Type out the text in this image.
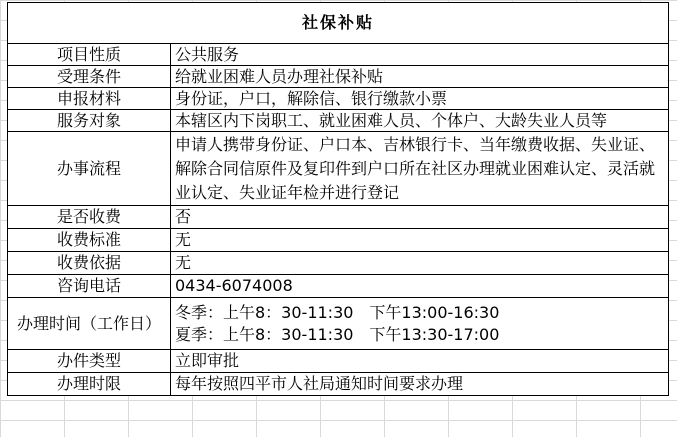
社保补贴	
项目性质	公共服务
受理条件	给就业困难人员办理社保补贴
申报材料	身份证，户口，解除信、银行缴款小票
服务对象	本辖区内下岗职工、就业困难人员、个体户、大龄失业人员等
办事流程	申请人携带身份证、户口本、吉林银行卡、当年缴费收据、失业证、解除合同信原件及复印件到户口所在社区办理就业困难认定、灵活就业认定、失业证年检并进行登记

是否收费	否
收费标准	无
收费依据	无
咨询电话	0434-6074008
办理时间（工作日）	冬季：上午8：30-11:30　下午13:00-16:30
夏季：上午8：30-11:30　下午13:30-17:00

办件类型	立即审批
办理时限	每年按照四平市人社局通知时间要求办理
